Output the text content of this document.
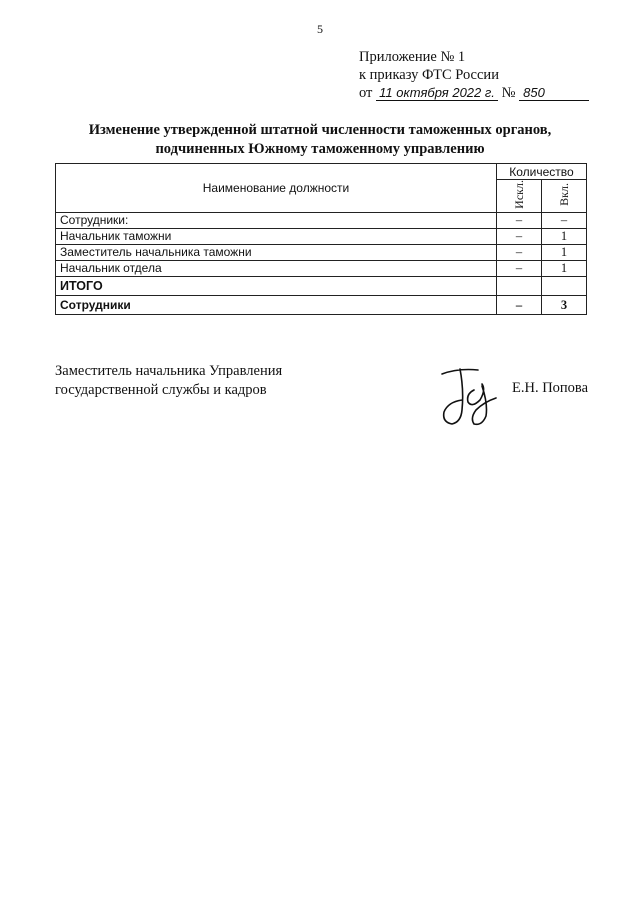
5
Приложение № 1
к приказу ФТС России
от 11 октября 2022 г. № 850
Изменение утвержденной штатной численности таможенных органов,
подчиненных Южному таможенному управлению
Наименование должности	Количество	
	Искл.	Вкл.
Сотрудники:	–	–
Начальник таможни	–	1
Заместитель начальника таможни	–	1
Начальник отдела	–	1
ИТОГО		
Сотрудники	–	3
Заместитель начальника Управления
государственной службы и кадров	Е.Н. Попова
